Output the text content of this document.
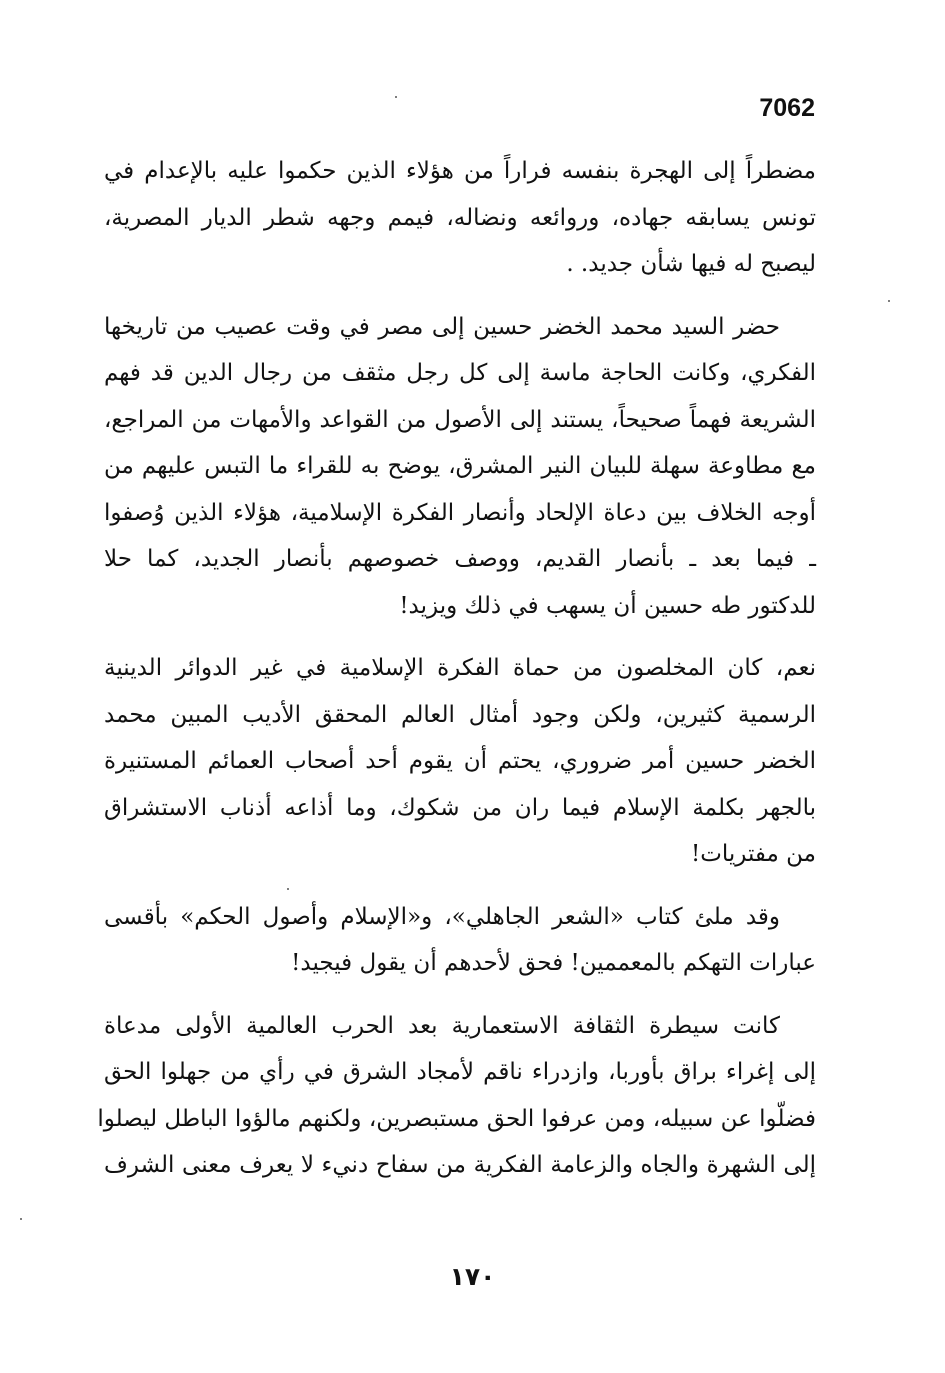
7062
مضطراً إلى الهجرة بنفسه فراراً من هؤلاء الذين حكموا عليه بالإعدام في
تونس يسابقه جهاده، وروائعه ونضاله، فيمم وجهه شطر الديار المصرية،
ليصبح له فيها شأن جديد. .
حضر السيد محمد الخضر حسين إلى مصر في وقت عصيب من تاريخها
الفكري، وكانت الحاجة ماسة إلى كل رجل مثقف من رجال الدين قد فهم
الشريعة فهماً صحيحاً، يستند إلى الأصول من القواعد والأمهات من المراجع،
مع مطاوعة سهلة للبيان النير المشرق، يوضح به للقراء ما التبس عليهم من
أوجه الخلاف بين دعاة الإلحاد وأنصار الفكرة الإسلامية، هؤلاء الذين وُصفوا
ـ فيما بعد ـ بأنصار القديم، ووصف خصوصهم بأنصار الجديد، كما حلا
للدكتور طه حسين أن يسهب في ذلك ويزيد!
نعم، كان المخلصون من حماة الفكرة الإسلامية في غير الدوائر الدينية
الرسمية كثيرين، ولكن وجود أمثال العالم المحقق الأديب المبين محمد
الخضر حسين أمر ضروري، يحتم أن يقوم أحد أصحاب العمائم المستنيرة
بالجهر بكلمة الإسلام فيما ران من شكوك، وما أذاعه أذناب الاستشراق
من مفتريات!
وقد ملئ كتاب «الشعر الجاهلي»، و«الإسلام وأصول الحكم» بأقسى
عبارات التهكم بالمعممين! فحق لأحدهم أن يقول فيجيد!
كانت سيطرة الثقافة الاستعمارية بعد الحرب العالمية الأولى مدعاة
إلى إغراء براق بأوربا، وازدراء ناقم لأمجاد الشرق في رأي من جهلوا الحق
فضلّوا عن سبيله، ومن عرفوا الحق مستبصرين، ولكنهم مالؤوا الباطل ليصلوا
إلى الشهرة والجاه والزعامة الفكرية من سفاح دنيء لا يعرف معنى الشرف
١٧٠
